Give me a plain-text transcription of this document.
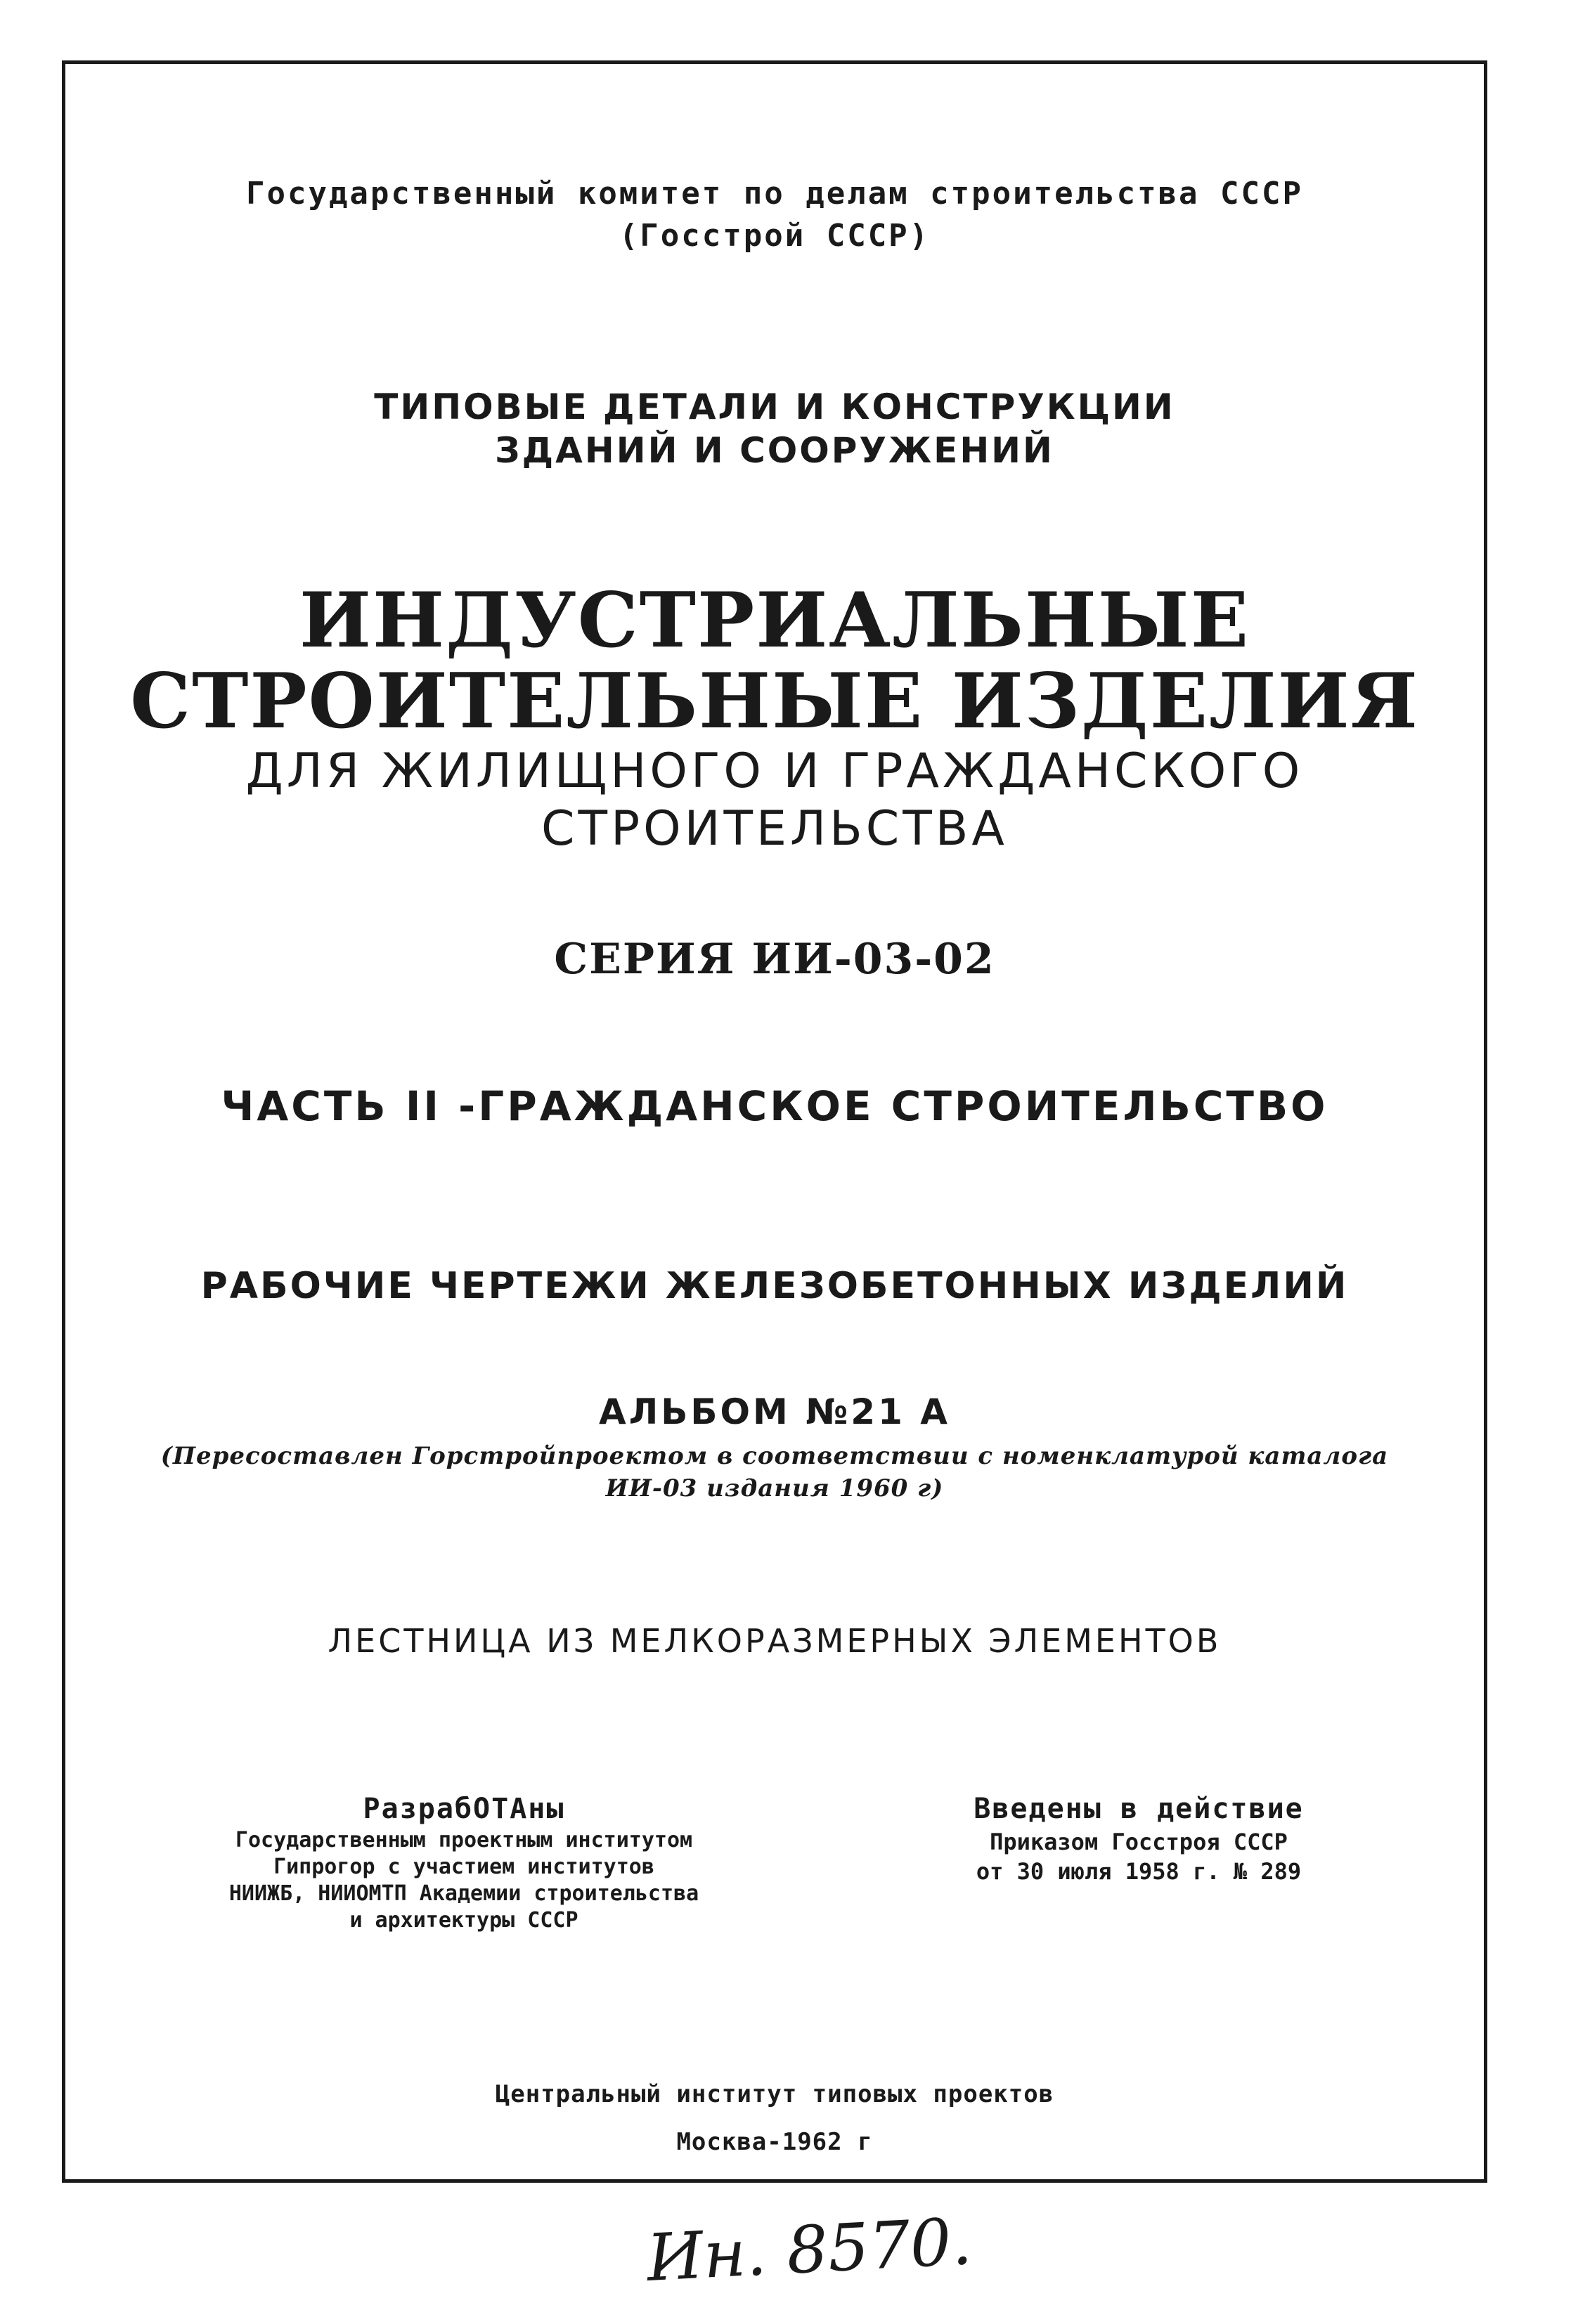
Государственный комитет по делам строительства СССР
(Госстрой СССР)
ТИПОВЫЕ ДЕТАЛИ И КОНСТРУКЦИИ
ЗДАНИЙ И СООРУЖЕНИЙ
ИНДУСТРИАЛЬНЫЕ
СТРОИТЕЛЬНЫЕ ИЗДЕЛИЯ
ДЛЯ ЖИЛИЩНОГО И ГРАЖДАНСКОГО
СТРОИТЕЛЬСТВА
СЕРИЯ ИИ-03-02
ЧАСТЬ II -ГРАЖДАНСКОЕ СТРОИТЕЛЬСТВО
РАБОЧИЕ ЧЕРТЕЖИ ЖЕЛЕЗОБЕТОННЫХ ИЗДЕЛИЙ
АЛЬБОМ №21 А
(Пересоставлен Горстройпроектом в соответствии с номенклатурой каталога
ИИ-03 издания 1960 г)
ЛЕСТНИЦА ИЗ МЕЛКОРАЗМЕРНЫХ ЭЛЕМЕНТОВ
РазрабОТАны
Государственным проектным институтом
Гипрогор с участием институтов
НИИЖБ, НИИОМТП Академии строительства
и архитектуры СССР
Введены в действие
Приказом Госстроя СССР
от 30 июля 1958 г. № 289
Центральный институт типовых проектов
Москва-1962 г
Ин. 8570.
